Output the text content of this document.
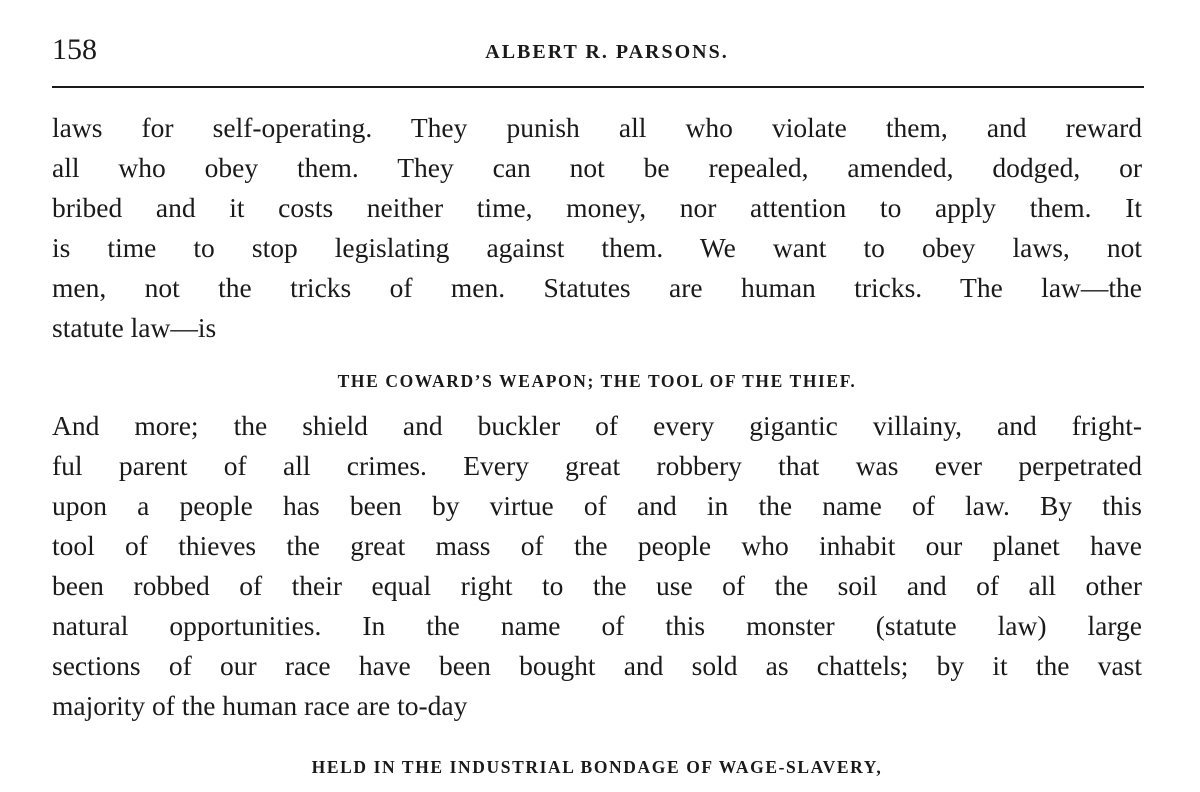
158	ALBERT R. PARSONS.
laws for self-operating. They punish all who violate them, and reward
all who obey them. They can not be repealed, amended, dodged, or
bribed and it costs neither time, money, nor attention to apply them. It
is time to stop legislating against them. We want to obey laws, not
men, not the tricks of men. Statutes are human tricks. The law—the
statute law—is
THE COWARD’S WEAPON; THE TOOL OF THE THIEF.
And more; the shield and buckler of every gigantic villainy, and fright-
ful parent of all crimes. Every great robbery that was ever perpetrated
upon a people has been by virtue of and in the name of law. By this
tool of thieves the great mass of the people who inhabit our planet have
been robbed of their equal right to the use of the soil and of all other
natural opportunities. In the name of this monster (statute law) large
sections of our race have been bought and sold as chattels; by it the vast
majority of the human race are to-day
HELD IN THE INDUSTRIAL BONDAGE OF WAGE-SLAVERY,
